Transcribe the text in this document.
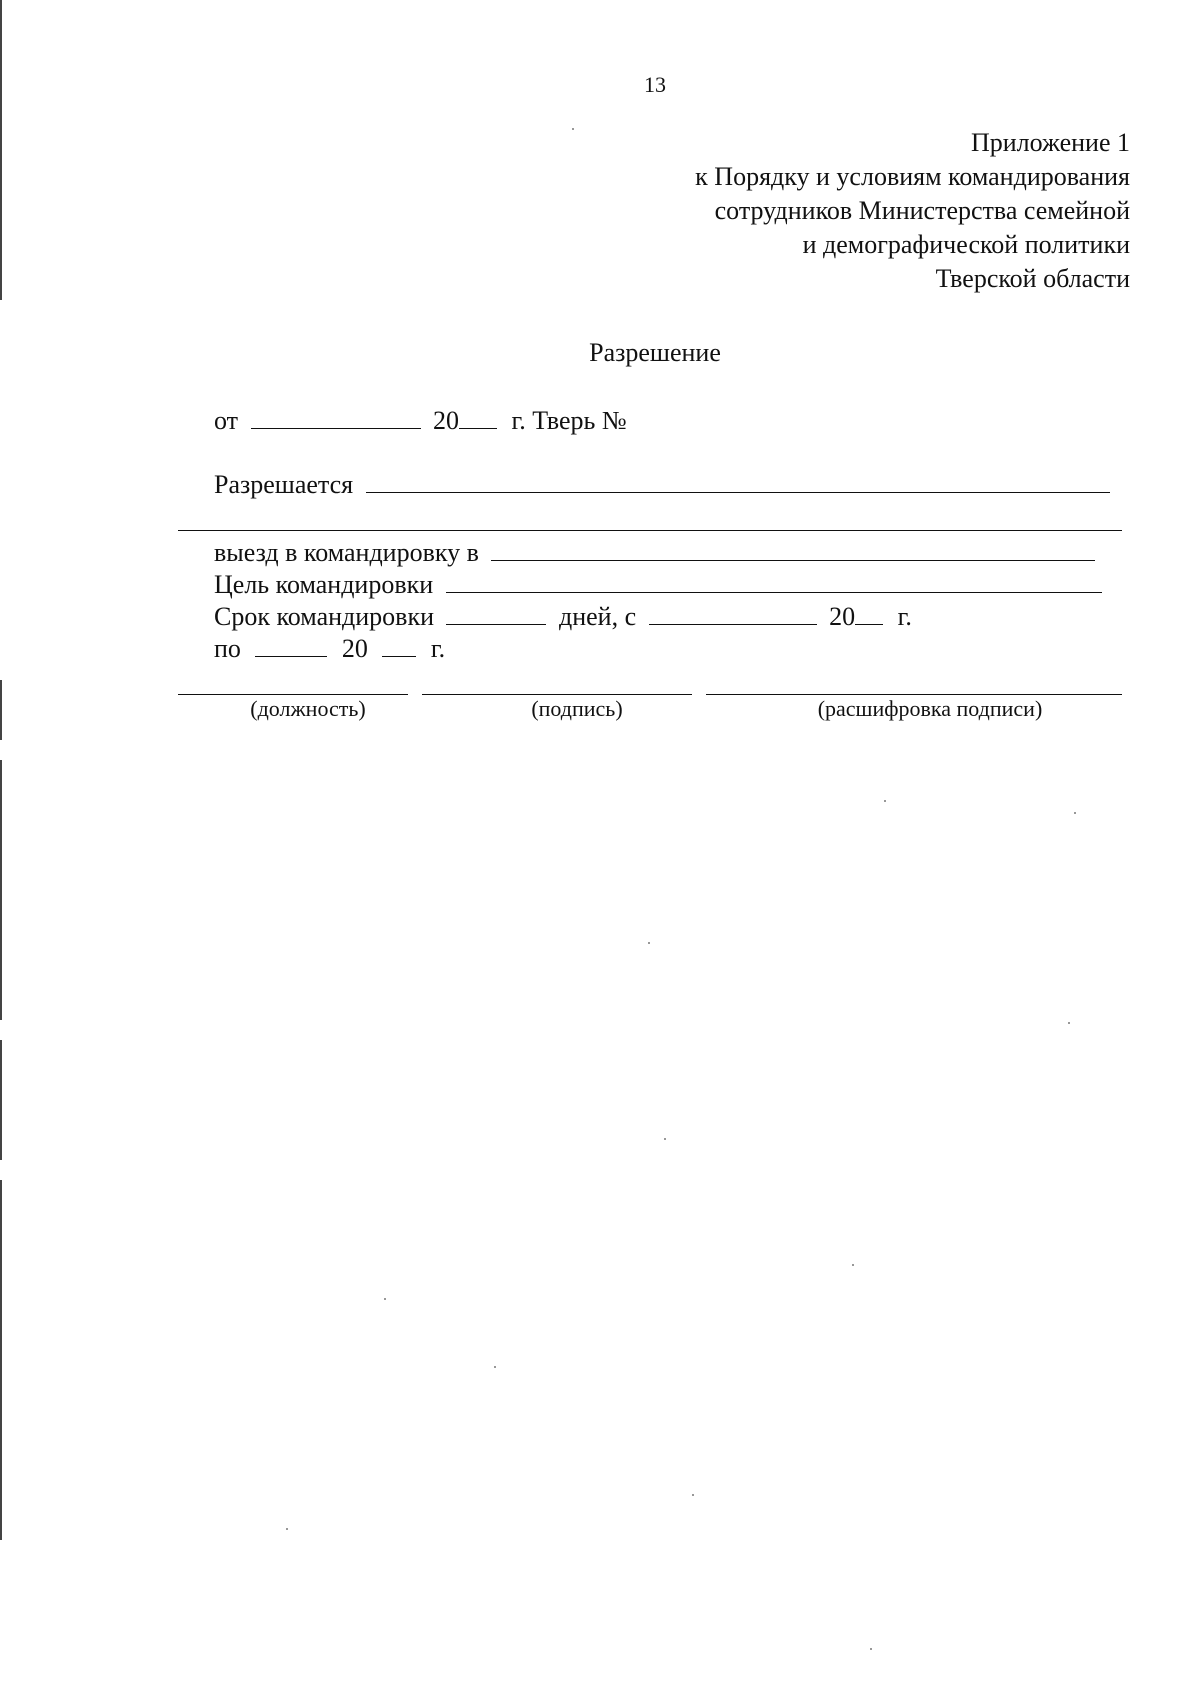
13
Приложение 1
к Порядку и условиям командирования
сотрудников Министерства семейной
и демографической политики
Тверской области
Разрешение
от	20 г. Тверь №
Разрешается
выезд в командировку в
Цель командировки
Срок командировки	дней, с	20 г.
по	20 г.
(должность)	(подпись)	(расшифровка подписи)
